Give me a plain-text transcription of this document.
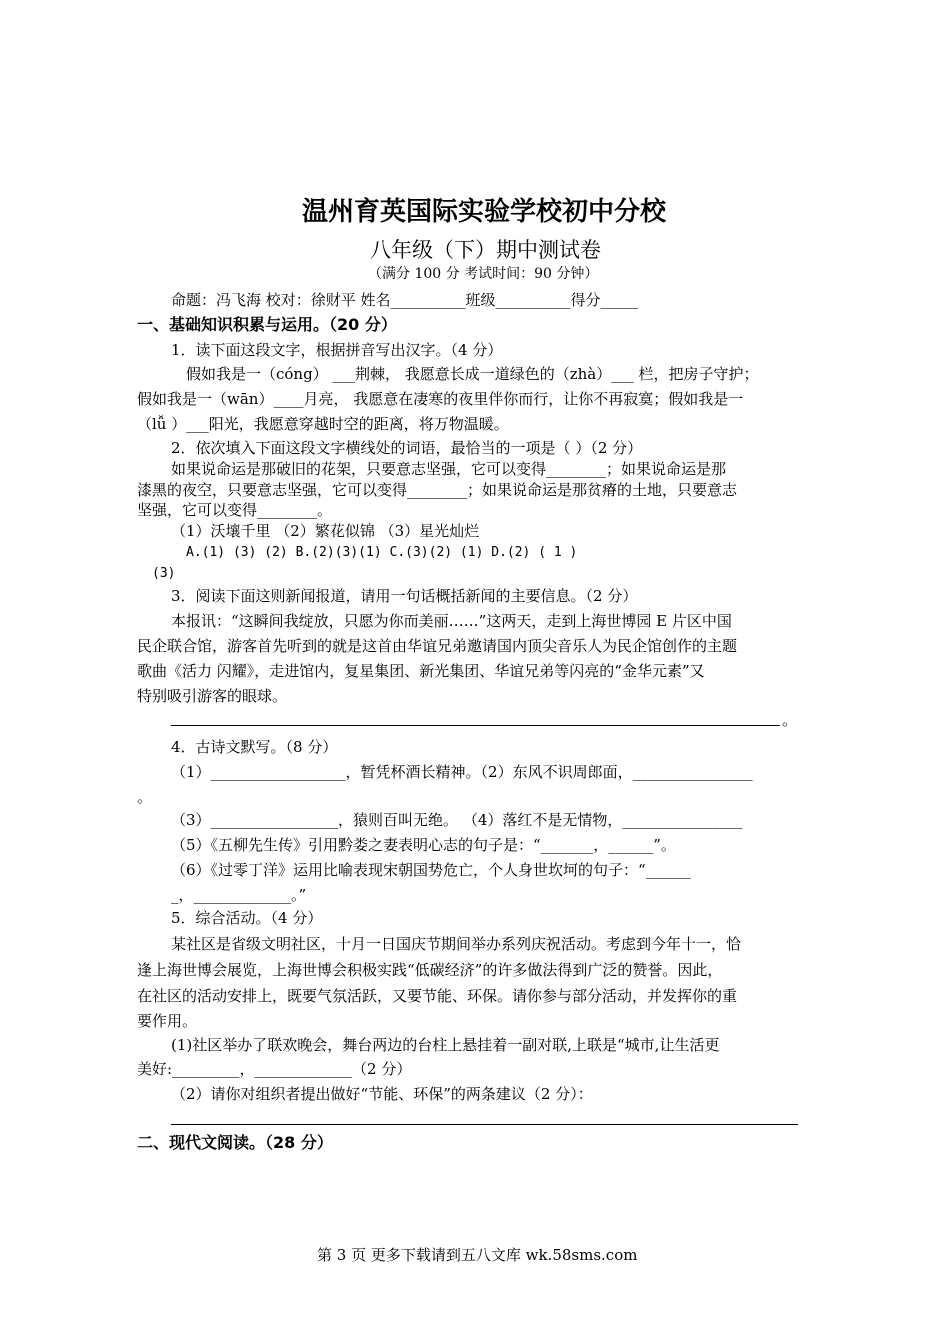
温州育英国际实验学校初中分校
八年级（下）期中测试卷
（满分 100 分 考试时间：90 分钟）
命题：冯飞海 校对：徐财平 姓名__________班级__________得分_____
一、基础知识积累与运用。（20 分）
1．读下面这段文字，根据拼音写出汉字。（4 分）
假如我是一（cóng） ___荆棘， 我愿意长成一道绿色的（zhà）___ 栏，把房子守护；
假如我是一（wān）____月亮， 我愿意在凄寒的夜里伴你而行，让你不再寂寞；假如我是一
（lǚ ）___阳光，我愿意穿越时空的距离，将万物温暖。
2．依次填入下面这段文字横线处的词语，最恰当的一项是（ ）（2 分）
如果说命运是那破旧的花架，只要意志坚强，它可以变得________；如果说命运是那
漆黑的夜空，只要意志坚强，它可以变得________；如果说命运是那贫瘠的土地，只要意志
坚强，它可以变得________。
（1）沃壤千里 （2）繁花似锦 （3）星光灿烂
A.(1) (3) (2) B.(2)(3)(1) C.(3)(2) (1) D.(2) ( 1 )
(3)
3．阅读下面这则新闻报道，请用一句话概括新闻的主要信息。（2 分）
本报讯：“这瞬间我绽放，只愿为你而美丽……”这两天，走到上海世博园 E 片区中国
民企联合馆，游客首先听到的就是这首由华谊兄弟邀请国内顶尖音乐人为民企馆创作的主题
歌曲《活力 闪耀》，走进馆内，复星集团、新光集团、华谊兄弟等闪亮的“金华元素”又
特别吸引游客的眼球。
。
4．古诗文默写。（8 分）
（1）__________________，暂凭杯酒长精神。（2）东风不识周郎面，________________
。
（3）_________________，猿则百叫无绝。 （4）落红不是无情物，________________
（5）《五柳先生传》引用黔娄之妻表明心志的句子是：“_______，______”。
（6）《过零丁洋》运用比喻表现宋朝国势危亡，个人身世坎坷的句子：“______
_，_____________。”
5．综合活动。（4 分）
某社区是省级文明社区，十月一日国庆节期间举办系列庆祝活动。考虑到今年十一，恰
逢上海世博会展览，上海世博会积极实践“低碳经济”的许多做法得到广泛的赞誉。因此，
在社区的活动安排上，既要气氛活跃，又要节能、环保。请你参与部分活动，并发挥你的重
要作用。
(1)社区举办了联欢晚会，舞台两边的台柱上悬挂着一副对联,上联是“城市,让生活更
美好:_________，_____________（2 分）
（2）请你对组织者提出做好“节能、环保”的两条建议（2 分）：
二、现代文阅读。（28 分）
第 3 页 更多下载请到五八文库 wk.58sms.com
